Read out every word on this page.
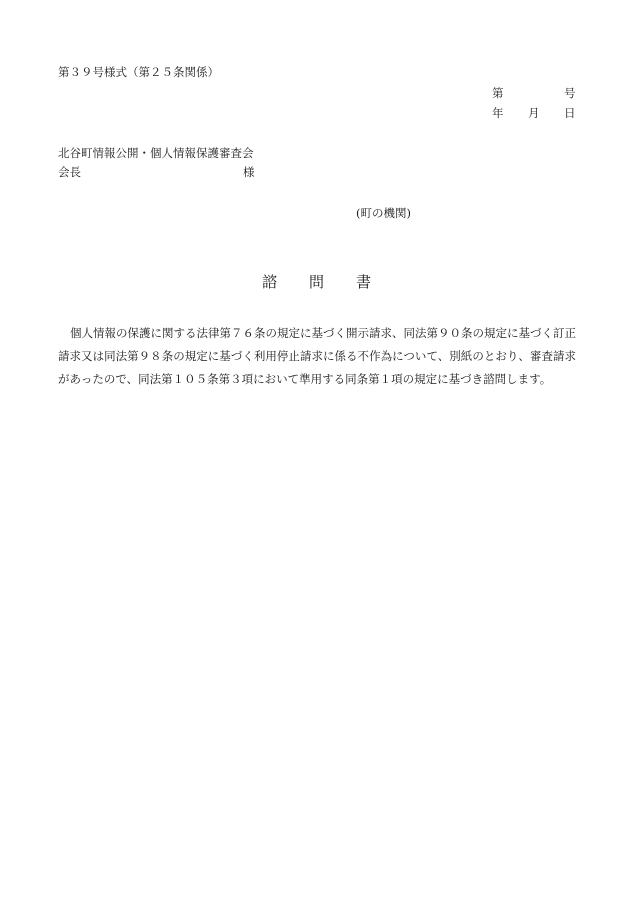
第３９号様式（第２５条関係）
第	号
年 月 日
北谷町情報公開・個人情報保護審査会
会長	様
(町の機関)
諮 問 書
個人情報の保護に関する法律第７６条の規定に基づく開示請求、同法第９０条の規定に基づく訂正請求又は同法第９８条の規定に基づく利用停止請求に係る不作為について、別紙のとおり、審査請求があったので、同法第１０５条第３項において準用する同条第１項の規定に基づき諮問します。
